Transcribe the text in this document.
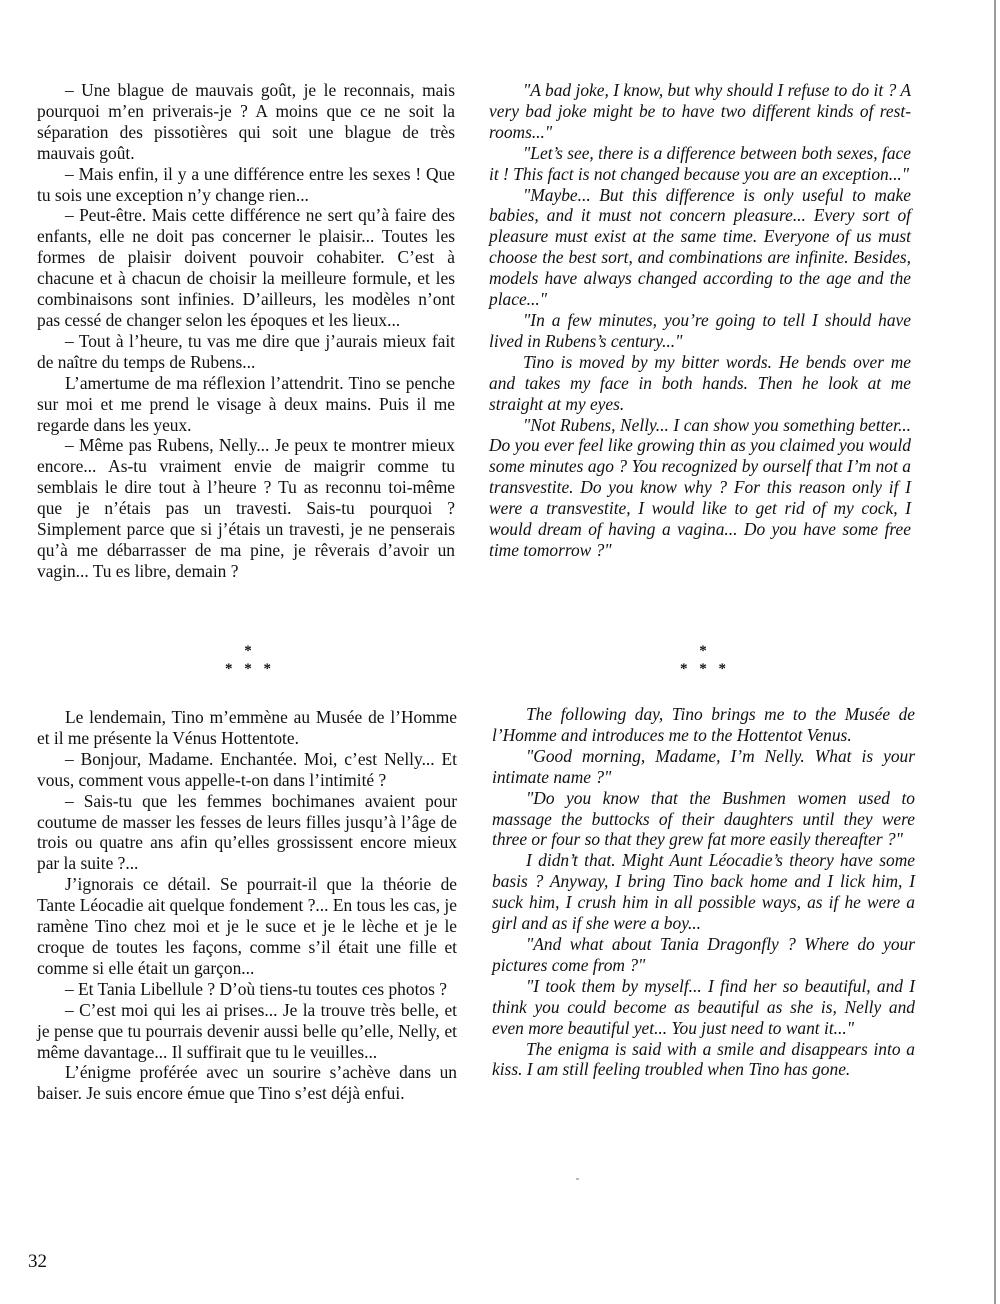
– Une blague de mauvais goût, je le reconnais, mais pourquoi m’en priverais-je ? A moins que ce ne soit la séparation des pissotières qui soit une blague de très mauvais goût.

– Mais enfin, il y a une différence entre les sexes ! Que tu sois une exception n’y change rien...

– Peut-être. Mais cette différence ne sert qu’à faire des enfants, elle ne doit pas concerner le plaisir... Toutes les formes de plaisir doivent pouvoir cohabiter. C’est à chacune et à chacun de choisir la meilleure formule, et les combinaisons sont infinies. D’ailleurs, les modèles n’ont pas cessé de changer selon les époques et les lieux...

– Tout à l’heure, tu vas me dire que j’aurais mieux fait de naître du temps de Rubens...

L’amertume de ma réflexion l’attendrit. Tino se penche sur moi et me prend le visage à deux mains. Puis il me regarde dans les yeux.

– Même pas Rubens, Nelly... Je peux te montrer mieux encore... As-tu vraiment envie de maigrir comme tu semblais le dire tout à l’heure ? Tu as reconnu toi-même que je n’étais pas un travesti. Sais-tu pourquoi ? Simplement parce que si j’étais un travesti, je ne penserais qu’à me débarrasser de ma pine, je rêverais d’avoir un vagin... Tu es libre, demain ?

"A bad joke, I know, but why should I refuse to do it ? A very bad joke might be to have two different kinds of rest-rooms..."

"Let’s see, there is a difference between both sexes, face it ! This fact is not changed because you are an exception..."

"Maybe... But this difference is only useful to make babies, and it must not concern pleasure... Every sort of pleasure must exist at the same time. Everyone of us must choose the best sort, and combinations are infinite. Besides, models have always changed according to the age and the place..."

"In a few minutes, you’re going to tell I should have lived in Rubens’s century..."

Tino is moved by my bitter words. He bends over me and takes my face in both hands. Then he look at me straight at my eyes.

"Not Rubens, Nelly... I can show you something better... Do you ever feel like growing thin as you claimed you would some minutes ago ? You recognized by ourself that I’m not a transvestite. Do you know why ? For this reason only if I were a transvestite, I would like to get rid of my cock, I would dream of having a vagina... Do you have some free time tomorrow ?"

*
* * *
*
* * *

Le lendemain, Tino m’emmène au Musée de l’Homme et il me présente la Vénus Hottentote.

– Bonjour, Madame. Enchantée. Moi, c’est Nelly... Et vous, comment vous appelle-t-on dans l’intimité ?

– Sais-tu que les femmes bochimanes avaient pour coutume de masser les fesses de leurs filles jusqu’à l’âge de trois ou quatre ans afin qu’elles grossissent encore mieux par la suite ?...

J’ignorais ce détail. Se pourrait-il que la théorie de Tante Léocadie ait quelque fondement ?... En tous les cas, je ramène Tino chez moi et je le suce et je le lèche et je le croque de toutes les façons, comme s’il était une fille et comme si elle était un garçon...

– Et Tania Libellule ? D’où tiens-tu toutes ces photos ?

– C’est moi qui les ai prises... Je la trouve très belle, et je pense que tu pourrais devenir aussi belle qu’elle, Nelly, et même davantage... Il suffirait que tu le veuilles...

L’énigme proférée avec un sourire s’achève dans un baiser. Je suis encore émue que Tino s’est déjà enfui.

The following day, Tino brings me to the Musée de l’Homme and introduces me to the Hottentot Venus.

"Good morning, Madame, I’m Nelly. What is your intimate name ?"

"Do you know that the Bushmen women used to massage the buttocks of their daughters until they were three or four so that they grew fat more easily thereafter ?"

I didn’t that. Might Aunt Léocadie’s theory have some basis ? Anyway, I bring Tino back home and I lick him, I suck him, I crush him in all possible ways, as if he were a girl and as if she were a boy...

"And what about Tania Dragonfly ? Where do your pictures come from ?"

"I took them by myself... I find her so beautiful, and I think you could become as beautiful as she is, Nelly and even more beautiful yet... You just need to want it..."

The enigma is said with a smile and disappears into a kiss. I am still feeling troubled when Tino has gone.

32
